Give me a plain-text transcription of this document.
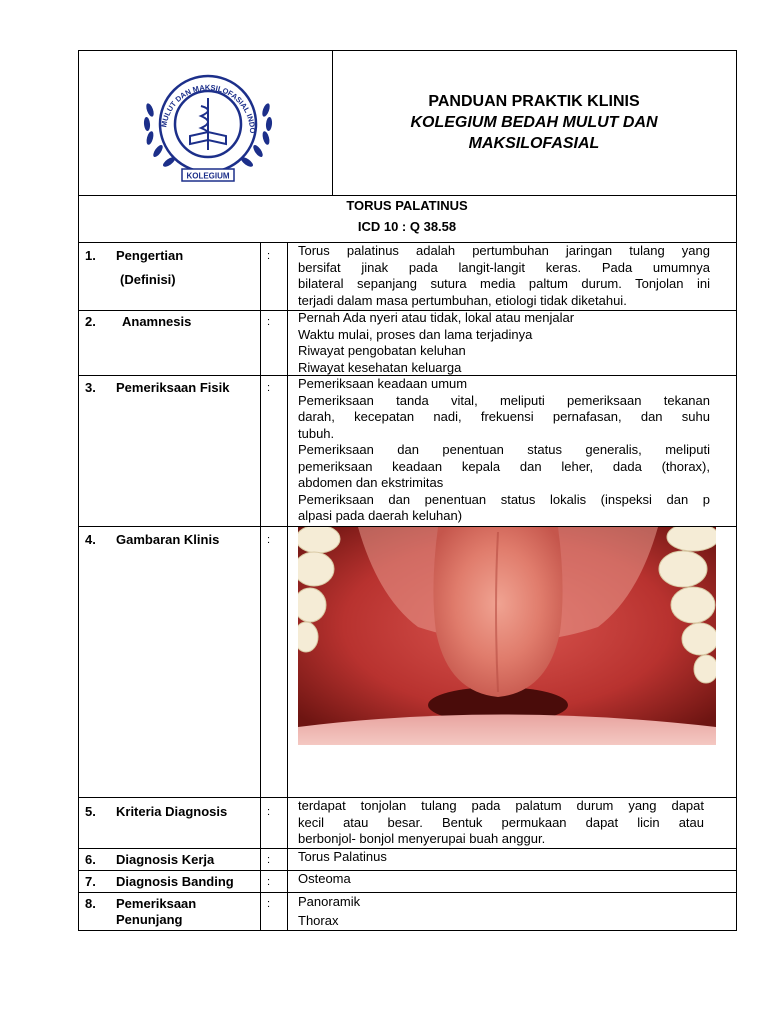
MULUT DAN MAKSILOFASIAL INDO
KOLEGIUM
PANDUAN PRAKTIK KLINIS
KOLEGIUM BEDAH MULUT DAN
MAKSILOFASIAL
TORUS PALATINUS
ICD 10 : Q 38.58
1. Pengertian
(Definisi)
: Torus palatinus adalah pertumbuhan jaringan tulang yang
bersifat jinak pada langit-langit keras. Pada umumnya
bilateral sepanjang sutura media paltum durum. Tonjolan ini
terjadi dalam masa pertumbuhan, etiologi tidak diketahui.
2. Anamnesis	: Pernah Ada nyeri atau tidak, lokal atau menjalar
Waktu mulai, proses dan lama terjadinya
Riwayat pengobatan keluhan
Riwayat kesehatan keluarga
3. Pemeriksaan Fisik	: Pemeriksaan keadaan umum
Pemeriksaan tanda vital, meliputi pemeriksaan tekanan
darah, kecepatan nadi, frekuensi pernafasan, dan suhu
tubuh.
Pemeriksaan dan penentuan status generalis, meliputi
pemeriksaan keadaan kepala dan leher, dada (thorax),
abdomen dan ekstrimitas
Pemeriksaan dan penentuan status lokalis (inspeksi dan p
alpasi pada daerah keluhan)
4. Gambaran Klinis	:
5. Kriteria Diagnosis	: terdapat tonjolan tulang pada palatum durum yang dapat
kecil atau besar. Bentuk permukaan dapat licin atau
berbonjol- bonjol menyerupai buah anggur.
6. Diagnosis Kerja	: Torus Palatinus
7. Diagnosis Banding	: Osteoma
8. Pemeriksaan
Penunjang
: Panoramik
Thorax
